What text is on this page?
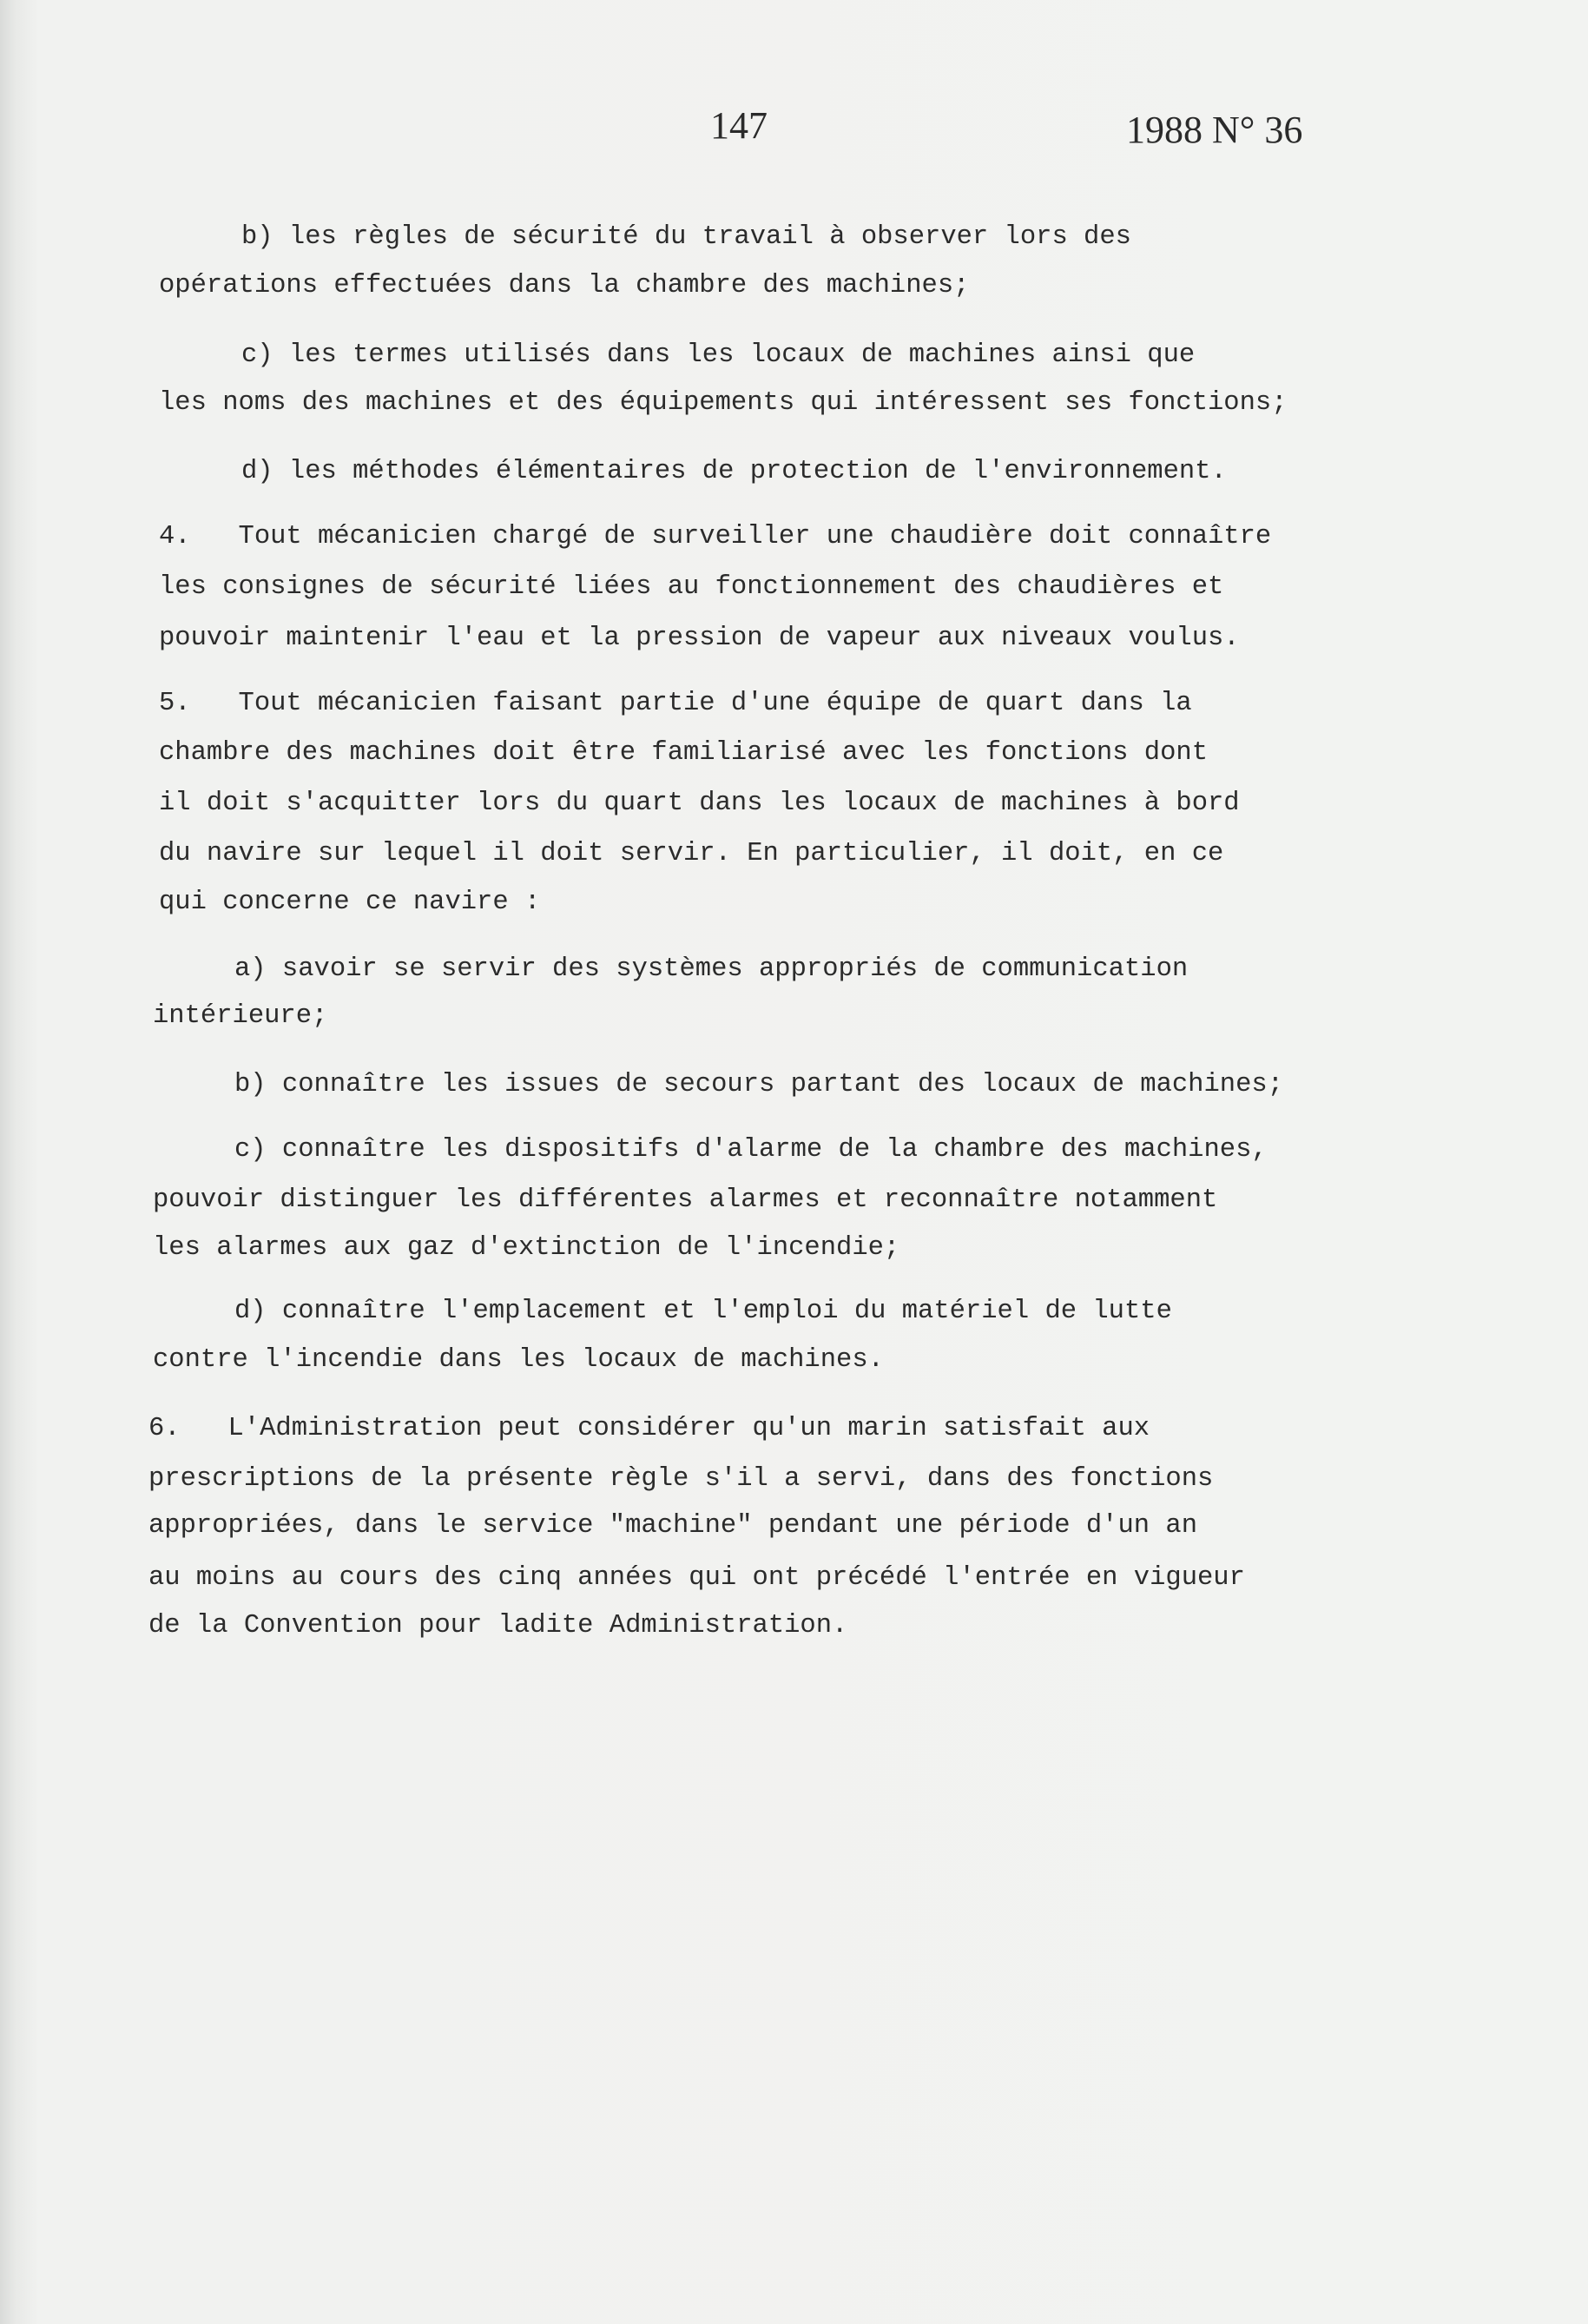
147	1988 N° 36
b) les règles de sécurité du travail à observer lors des
opérations effectuées dans la chambre des machines;
c) les termes utilisés dans les locaux de machines ainsi que
les noms des machines et des équipements qui intéressent ses fonctions;
d) les méthodes élémentaires de protection de l'environnement.
4.   Tout mécanicien chargé de surveiller une chaudière doit connaître
les consignes de sécurité liées au fonctionnement des chaudières et
pouvoir maintenir l'eau et la pression de vapeur aux niveaux voulus.
5.   Tout mécanicien faisant partie d'une équipe de quart dans la
chambre des machines doit être familiarisé avec les fonctions dont
il doit s'acquitter lors du quart dans les locaux de machines à bord
du navire sur lequel il doit servir. En particulier, il doit, en ce
qui concerne ce navire :
a) savoir se servir des systèmes appropriés de communication
intérieure;
b) connaître les issues de secours partant des locaux de machines;
c) connaître les dispositifs d'alarme de la chambre des machines,
pouvoir distinguer les différentes alarmes et reconnaître notamment
les alarmes aux gaz d'extinction de l'incendie;
d) connaître l'emplacement et l'emploi du matériel de lutte
contre l'incendie dans les locaux de machines.
6.   L'Administration peut considérer qu'un marin satisfait aux
prescriptions de la présente règle s'il a servi, dans des fonctions
appropriées, dans le service "machine" pendant une période d'un an
au moins au cours des cinq années qui ont précédé l'entrée en vigueur
de la Convention pour ladite Administration.
